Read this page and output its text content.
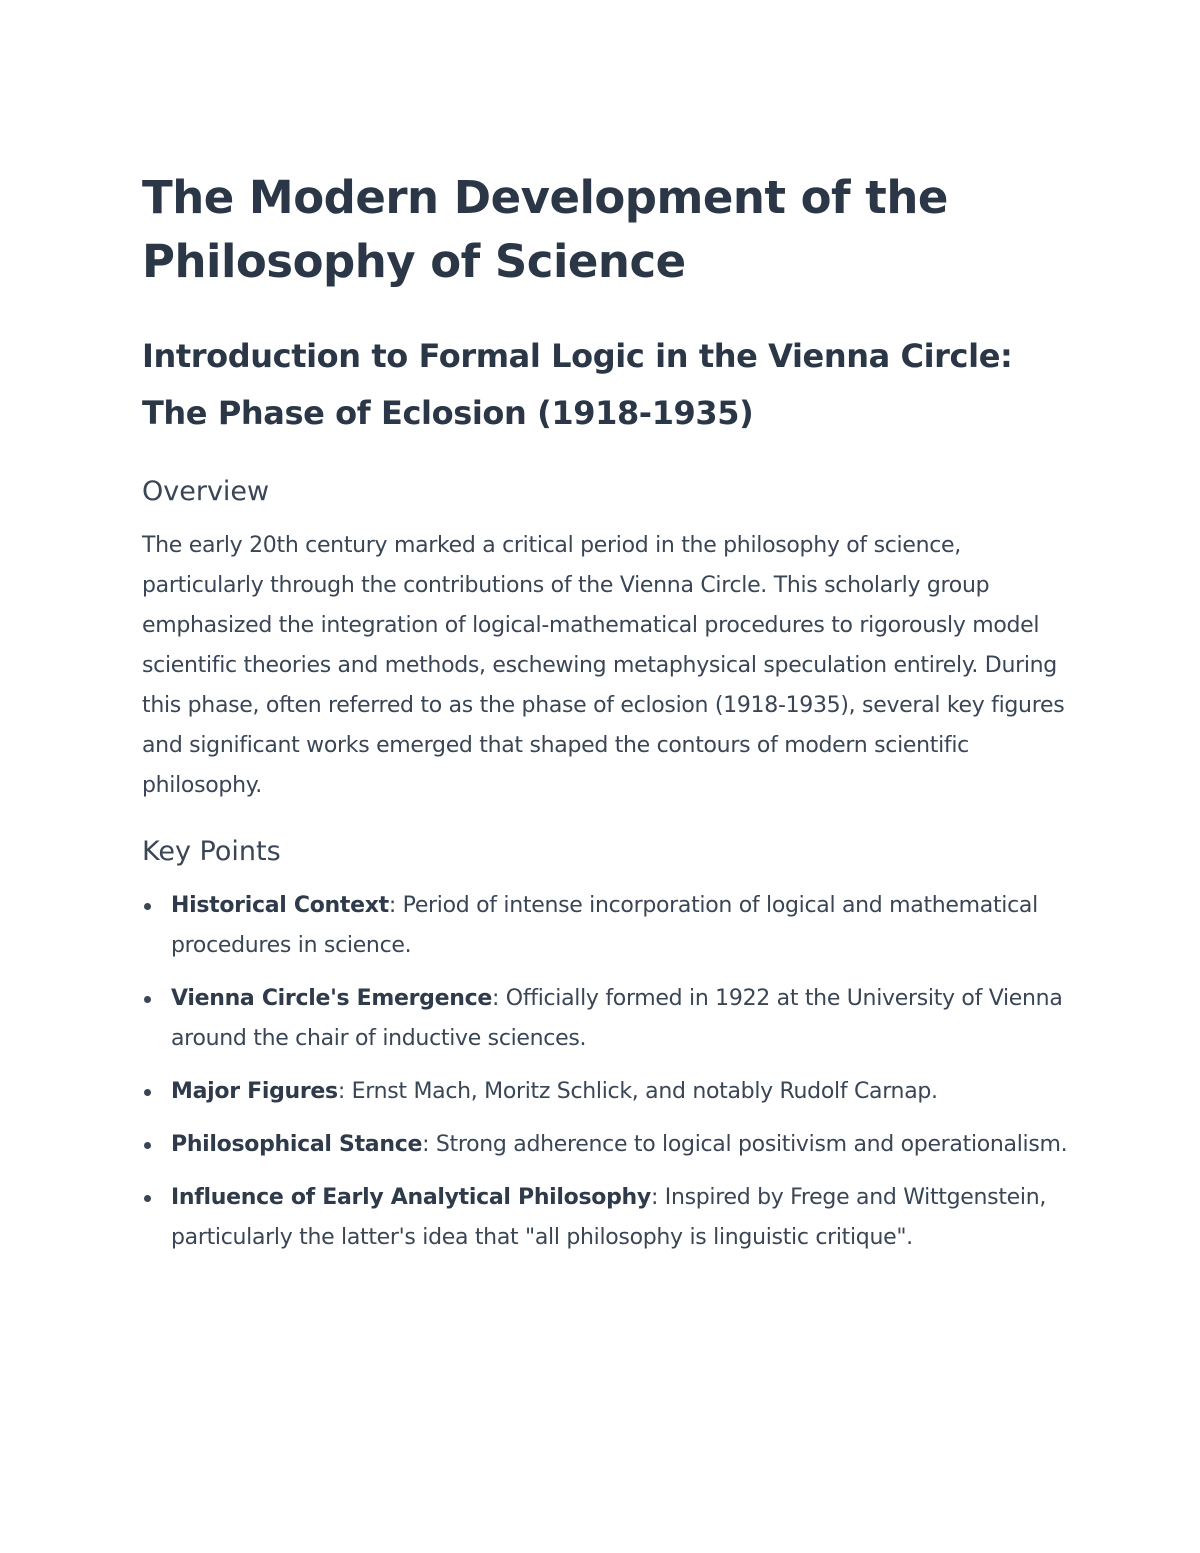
The Modern Development of the Philosophy of Science
Introduction to Formal Logic in the Vienna Circle: The Phase of Eclosion (1918-1935)
Overview

The early 20th century marked a critical period in the philosophy of science, particularly through the contributions of the Vienna Circle. This scholarly group emphasized the integration of logical-mathematical procedures to rigorously model scientific theories and methods, eschewing metaphysical speculation entirely. During this phase, often referred to as the phase of eclosion (1918-1935), several key figures and significant works emerged that shaped the contours of modern scientific philosophy.

Key Points
Historical Context: Period of intense incorporation of logical and mathematical procedures in science.
Vienna Circle's Emergence: Officially formed in 1922 at the University of Vienna around the chair of inductive sciences.
Major Figures: Ernst Mach, Moritz Schlick, and notably Rudolf Carnap.
Philosophical Stance: Strong adherence to logical positivism and operationalism.
Influence of Early Analytical Philosophy: Inspired by Frege and Wittgenstein, particularly the latter's idea that "all philosophy is linguistic critique".
